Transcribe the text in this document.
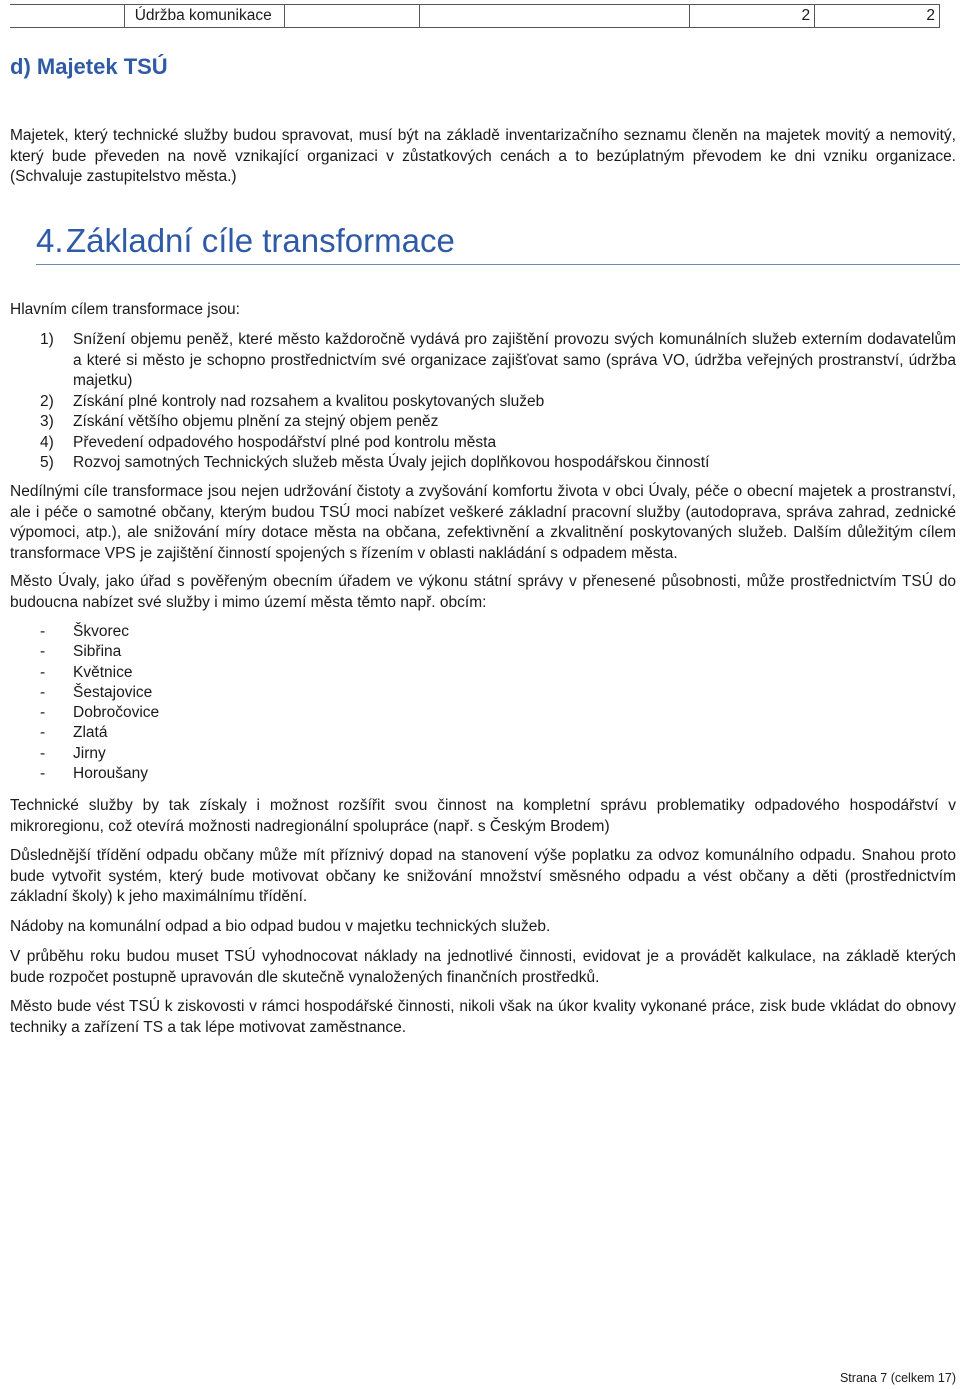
	Údržba komunikace			2	2
d) Majetek TSÚ

Majetek, který technické služby budou spravovat, musí být na základě inventarizačního seznamu členěn na majetek movitý a nemovitý, který bude převeden na nově vznikající organizaci v zůstatkových cenách a to bezúplatným převodem ke dni vzniku organizace. (Schvaluje zastupitelstvo města.)

4. Základní cíle transformace

Hlavním cílem transformace jsou:

1) Snížení objemu peněž, které město každoročně vydává pro zajištění provozu svých komunálních služeb externím dodavatelům a které si město je schopno prostřednictvím své organizace zajišťovat samo (správa VO, údržba veřejných prostranství, údržba majetku)
2) Získání plné kontroly nad rozsahem a kvalitou poskytovaných služeb
3) Získání většího objemu plnění za stejný objem peněz
4) Převedení odpadového hospodářství plné pod kontrolu města
5) Rozvoj samotných Technických služeb města Úvaly jejich doplňkovou hospodářskou činností

Nedílnými cíle transformace jsou nejen udržování čistoty a zvyšování komfortu života v obci Úvaly, péče o obecní majetek a prostranství, ale i péče o samotné občany, kterým budou TSÚ moci nabízet veškeré základní pracovní služby (autodoprava, správa zahrad, zednické výpomoci, atp.), ale snižování míry dotace města na občana, zefektivnění a zkvalitnění poskytovaných služeb. Dalším důležitým cílem transformace VPS je zajištění činností spojených s řízením v oblasti nakládání s odpadem města.

Město Úvaly, jako úřad s pověřeným obecním úřadem ve výkonu státní správy v přenesené působnosti, může prostřednictvím TSÚ do budoucna nabízet své služby i mimo území města těmto např. obcím:

- Škvorec
- Sibřina
- Květnice
- Šestajovice
- Dobročovice
- Zlatá
- Jirny
- Horoušany

Technické služby by tak získaly i možnost rozšířit svou činnost na kompletní správu problematiky odpadového hospodářství v mikroregionu, což otevírá možnosti nadregionální spolupráce (např. s Českým Brodem)

Důslednější třídění odpadu občany může mít příznivý dopad na stanovení výše poplatku za odvoz komunálního odpadu. Snahou proto bude vytvořit systém, který bude motivovat občany ke snižování množství směsného odpadu a vést občany a děti (prostřednictvím základní školy) k jeho maximálnímu třídění.

Nádoby na komunální odpad a bio odpad budou v majetku technických služeb.

V průběhu roku budou muset TSÚ vyhodnocovat náklady na jednotlivé činnosti, evidovat je a provádět kalkulace, na základě kterých bude rozpočet postupně upravován dle skutečně vynaložených finančních prostředků.

Město bude vést TSÚ k ziskovosti v rámci hospodářské činnosti, nikoli však na úkor kvality vykonané práce, zisk bude vkládat do obnovy techniky a zařízení TS a tak lépe motivovat zaměstnance.

Strana 7 (celkem 17)
